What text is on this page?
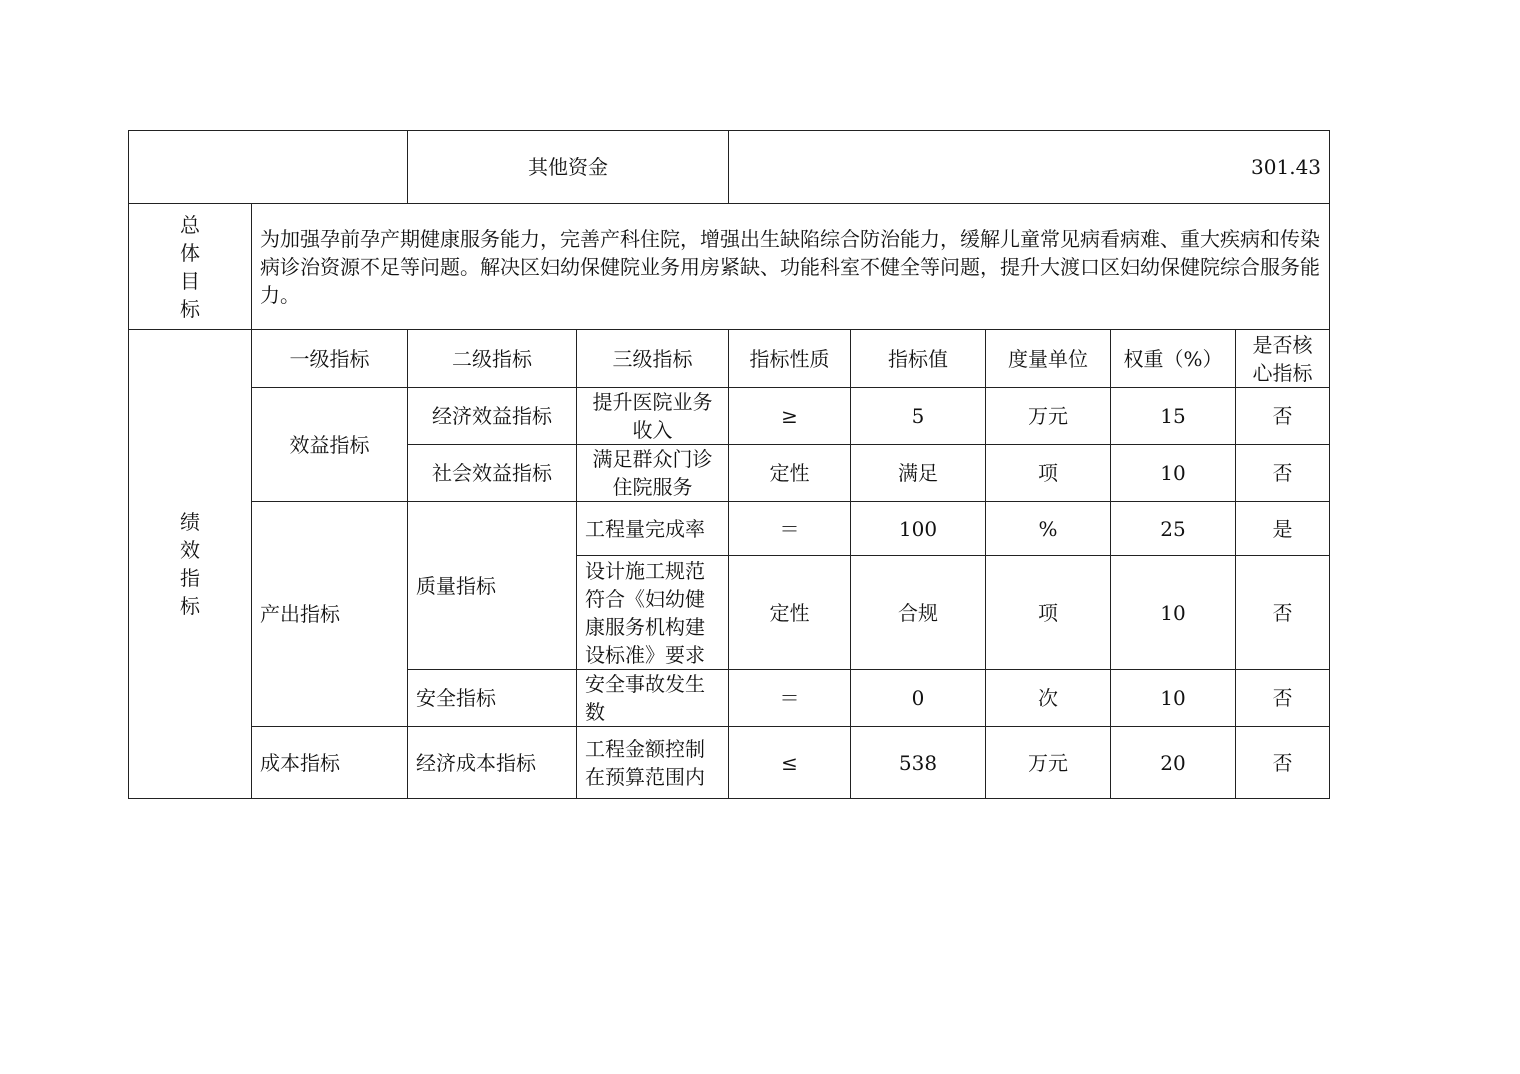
		其他资金		301.43				

总
体
目
标	为加强孕前孕产期健康服务能力，完善产科住院，增强出生缺陷综合防治能力，缓解儿童常见病看病难、重大疾病和传染病诊治资源不足等问题。解决区妇幼保健院业务用房紧缺、功能科室不健全等问题，提升大渡口区妇幼保健院综合服务能力。							

绩
效
指
标	一级指标	二级指标	三级指标	指标性质	指标值	度量单位	权重（%）	是否核心指标
	效益指标	经济效益指标	提升医院业务收入	≥	5	万元	15	否
		社会效益指标	满足群众门诊住院服务	定性	满足	项	10	否
	产出指标	质量指标	工程量完成率	＝	100	%	25	是
			设计施工规范符合《妇幼健康服务机构建设标准》要求	定性	合规	项	10	否
		安全指标	安全事故发生数	＝	0	次	10	否
	成本指标	经济成本指标	工程金额控制在预算范围内	≤	538	万元	20	否
